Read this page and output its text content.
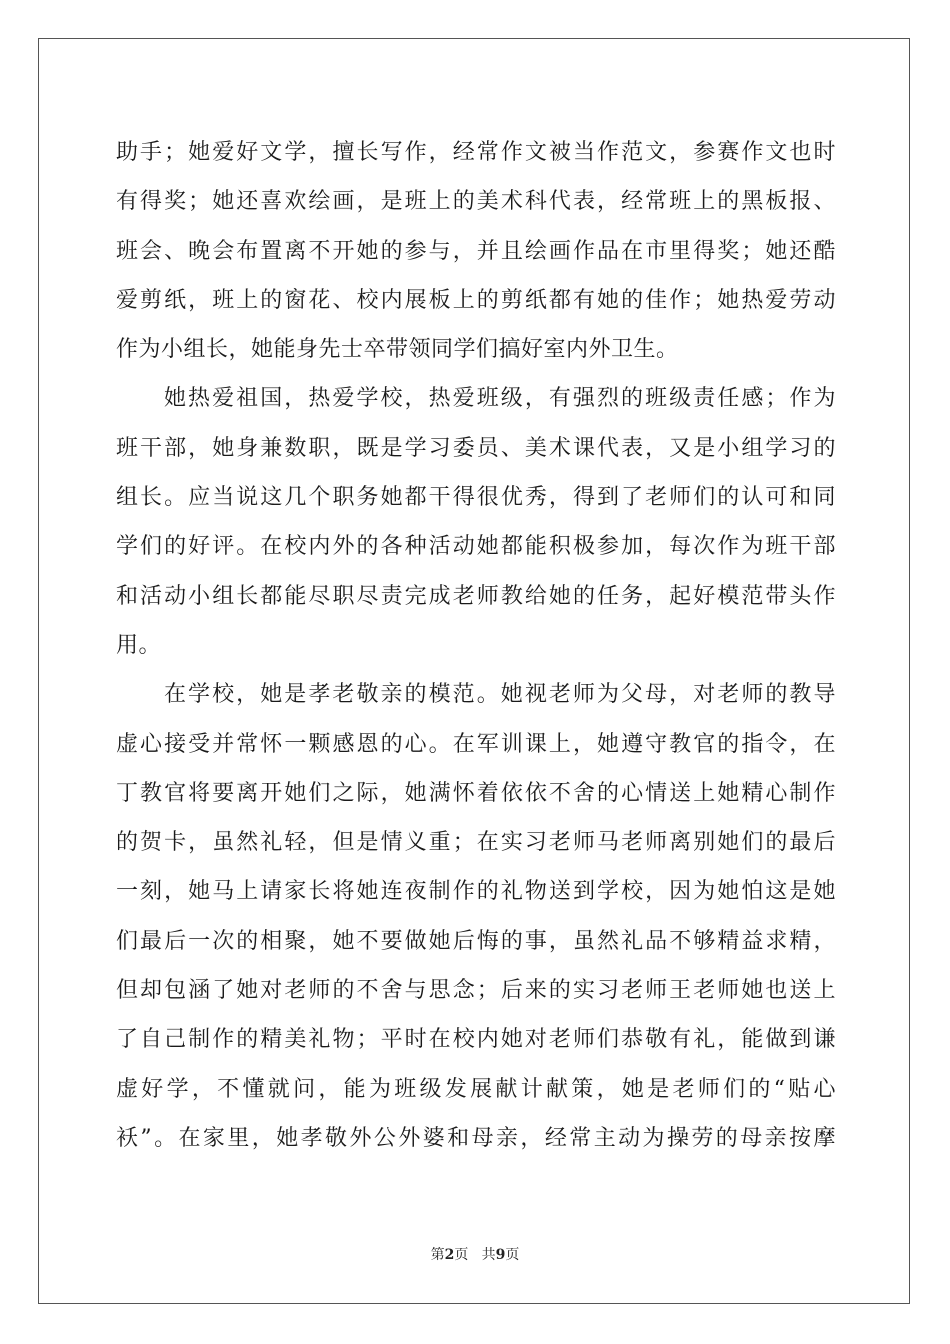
助手；她爱好文学，擅长写作，经常作文被当作范文，参赛作文也时
有得奖；她还喜欢绘画，是班上的美术科代表，经常班上的黑板报、
班会、晚会布置离不开她的参与，并且绘画作品在市里得奖；她还酷
爱剪纸，班上的窗花、校内展板上的剪纸都有她的佳作；她热爱劳动
作为小组长，她能身先士卒带领同学们搞好室内外卫生。
她热爱祖国，热爱学校，热爱班级，有强烈的班级责任感；作为
班干部，她身兼数职，既是学习委员、美术课代表，又是小组学习的
组长。应当说这几个职务她都干得很优秀，得到了老师们的认可和同
学们的好评。在校内外的各种活动她都能积极参加，每次作为班干部
和活动小组长都能尽职尽责完成老师教给她的任务，起好模范带头作
用。
在学校，她是孝老敬亲的模范。她视老师为父母，对老师的教导
虚心接受并常怀一颗感恩的心。在军训课上，她遵守教官的指令，在
丁教官将要离开她们之际，她满怀着依依不舍的心情送上她精心制作
的贺卡，虽然礼轻，但是情义重；在实习老师马老师离别她们的最后
一刻，她马上请家长将她连夜制作的礼物送到学校，因为她怕这是她
们最后一次的相聚，她不要做她后悔的事，虽然礼品不够精益求精，
但却包涵了她对老师的不舍与思念；后来的实习老师王老师她也送上
了自己制作的精美礼物；平时在校内她对老师们恭敬有礼，能做到谦
虚好学，不懂就问，能为班级发展献计献策，她是老师们的“贴心
袄”。在家里，她孝敬外公外婆和母亲，经常主动为操劳的母亲按摩
第2页 共9页
